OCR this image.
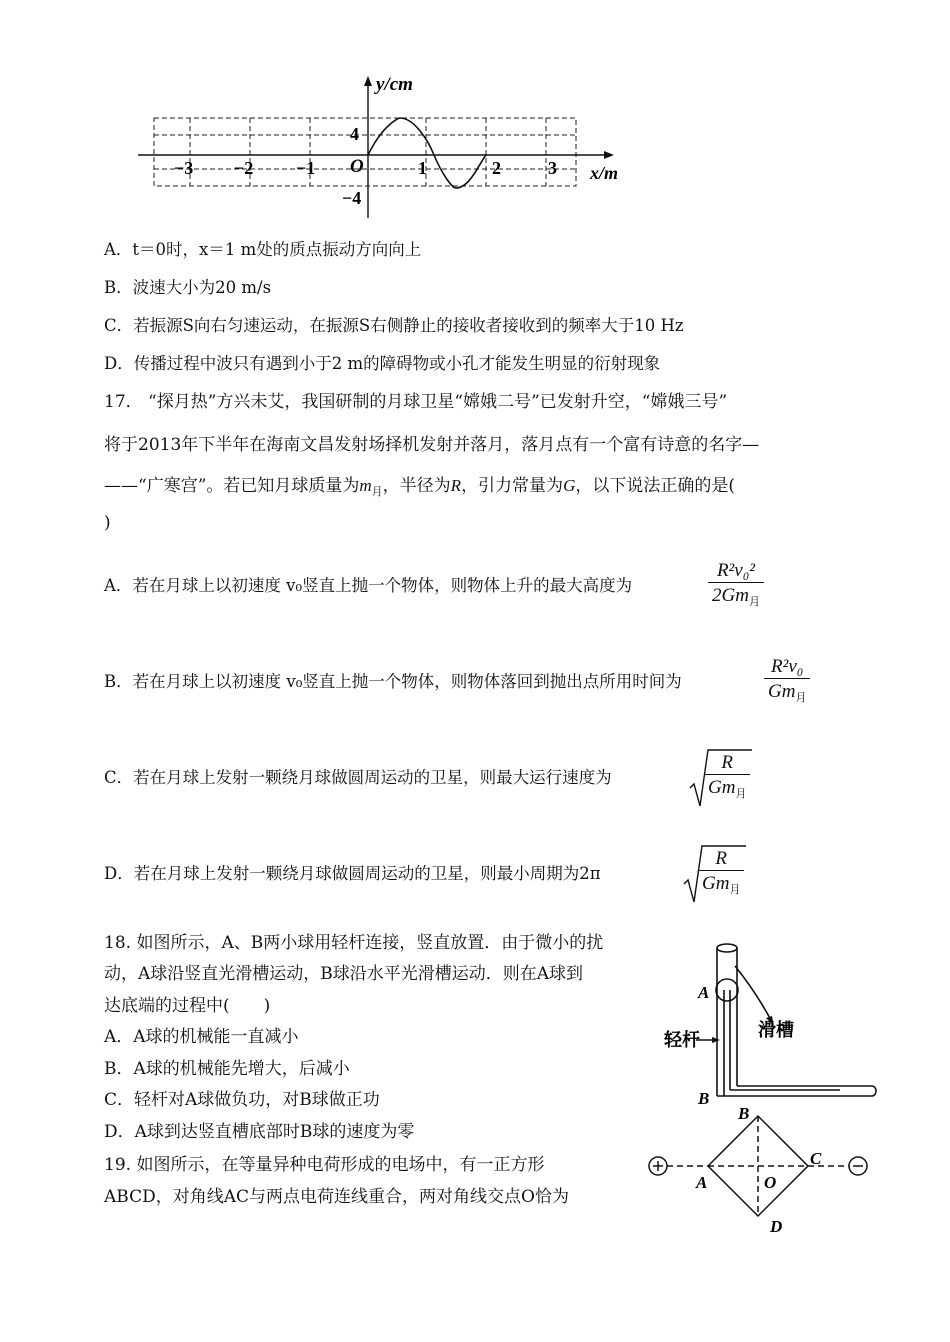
y/cm
x/m
O
4
−4
−3 −2 −1	1	2	3
A．t＝0时，x＝1 m处的质点振动方向向上
B．波速大小为20 m/s
C．若振源S向右匀速运动，在振源S右侧静止的接收者接收到的频率大于10 Hz
D．传播过程中波只有遇到小于2 m的障碍物或小孔才能发生明显的衍射现象
17． “探月热”方兴未艾，我国研制的月球卫星“嫦娥二号”已发射升空，“嫦娥三号”
将于2013年下半年在海南文昌发射场择机发射并落月，落月点有一个富有诗意的名字—
——“广寒宫”。若已知月球质量为$m_月$，半径为R，引力常量为G，以下说法正确的是(
)
A．若在月球上以初速度 v₀竖直上抛一个物体，则物体上升的最大高度为
R²v₀²
$2Gm_月$
B．若在月球上以初速度 v₀竖直上抛一个物体，则物体落回到抛出点所用时间为
R²v₀
$Gm_月$
C．若在月球上发射一颗绕月球做圆周运动的卫星，则最大运行速度为
R
$Gm_月$
D．若在月球上发射一颗绕月球做圆周运动的卫星，则最小周期为2π
R
$Gm_月$
18. 如图所示，A、B两小球用轻杆连接，竖直放置．由于微小的扰
动，A球沿竖直光滑槽运动，B球沿水平光滑槽运动．则在A球到
达底端的过程中(　　)
A．A球的机械能一直减小
B．A球的机械能先增大，后减小
C．轻杆对A球做负功，对B球做正功
D．A球到达竖直槽底部时B球的速度为零
A
B
轻杆	滑槽
19. 如图所示，在等量异种电荷形成的电场中，有一正方形
ABCD，对角线AC与两点电荷连线重合，两对角线交点O恰为
B
A
C
O
D
